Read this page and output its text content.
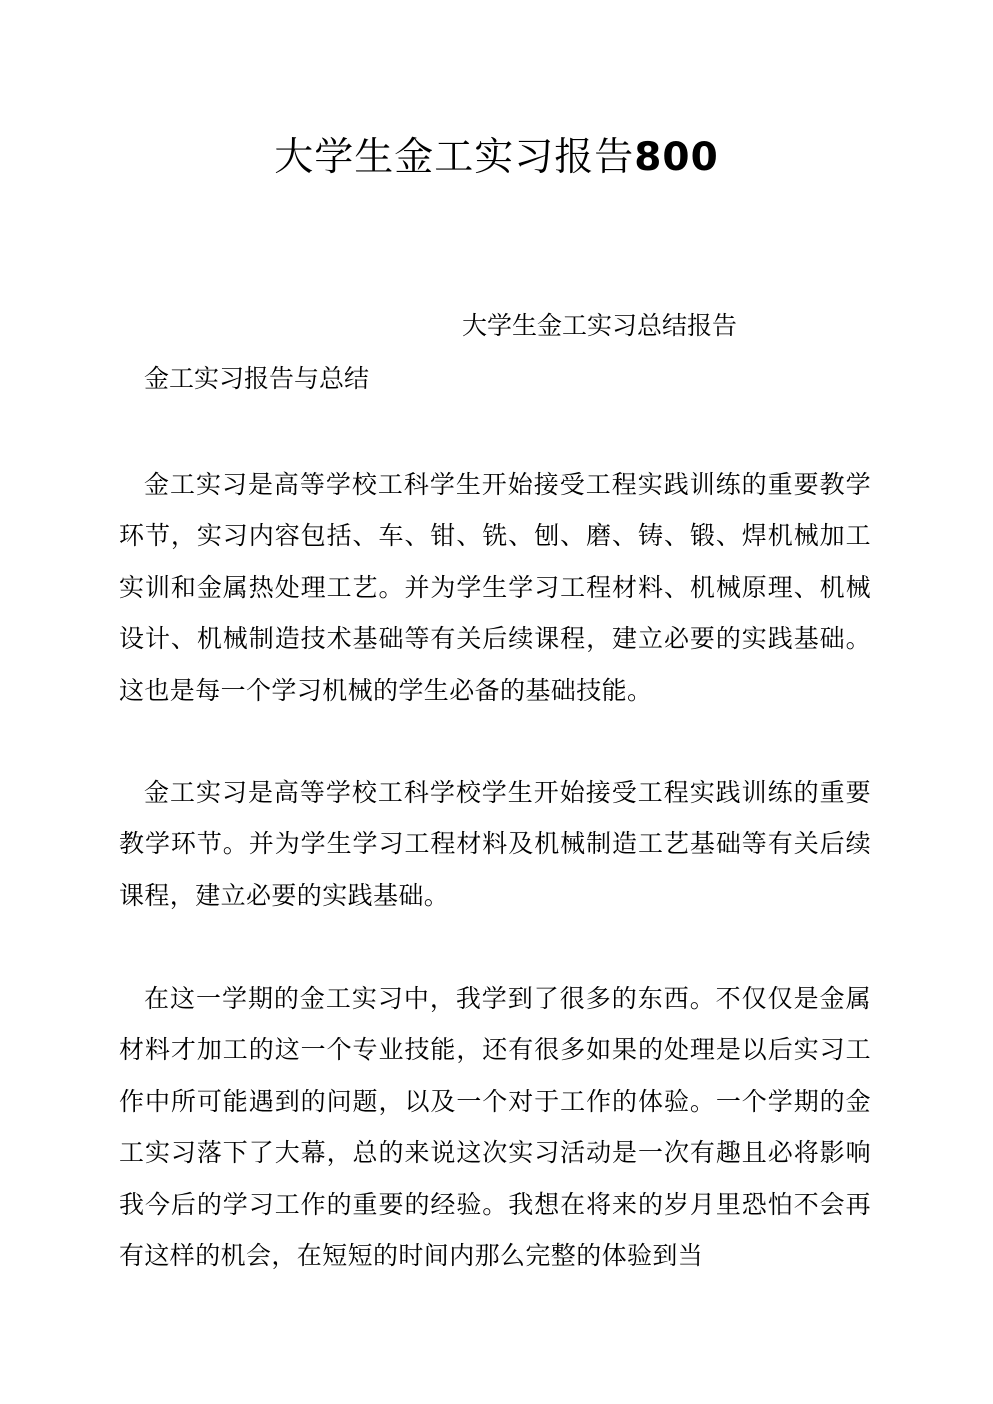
大学生金工实习报告800

大学生金工实习总结报告

金工实习报告与总结

金工实习是高等学校工科学生开始接受工程实践训练的重要教学环节，实习内容包括、车、钳、铣、刨、磨、铸、锻、焊机械加工实训和金属热处理工艺。并为学生学习工程材料、机械原理、机械设计、机械制造技术基础等有关后续课程，建立必要的实践基础。这也是每一个学习机械的学生必备的基础技能。

金工实习是高等学校工科学校学生开始接受工程实践训练的重要教学环节。并为学生学习工程材料及机械制造工艺基础等有关后续课程，建立必要的实践基础。

在这一学期的金工实习中，我学到了很多的东西。不仅仅是金属材料才加工的这一个专业技能，还有很多如果的处理是以后实习工作中所可能遇到的问题，以及一个对于工作的体验。一个学期的金工实习落下了大幕，总的来说这次实习活动是一次有趣且必将影响我今后的学习工作的重要的经验。我想在将来的岁月里恐怕不会再有这样的机会，在短短的时间内那么完整的体验到当
